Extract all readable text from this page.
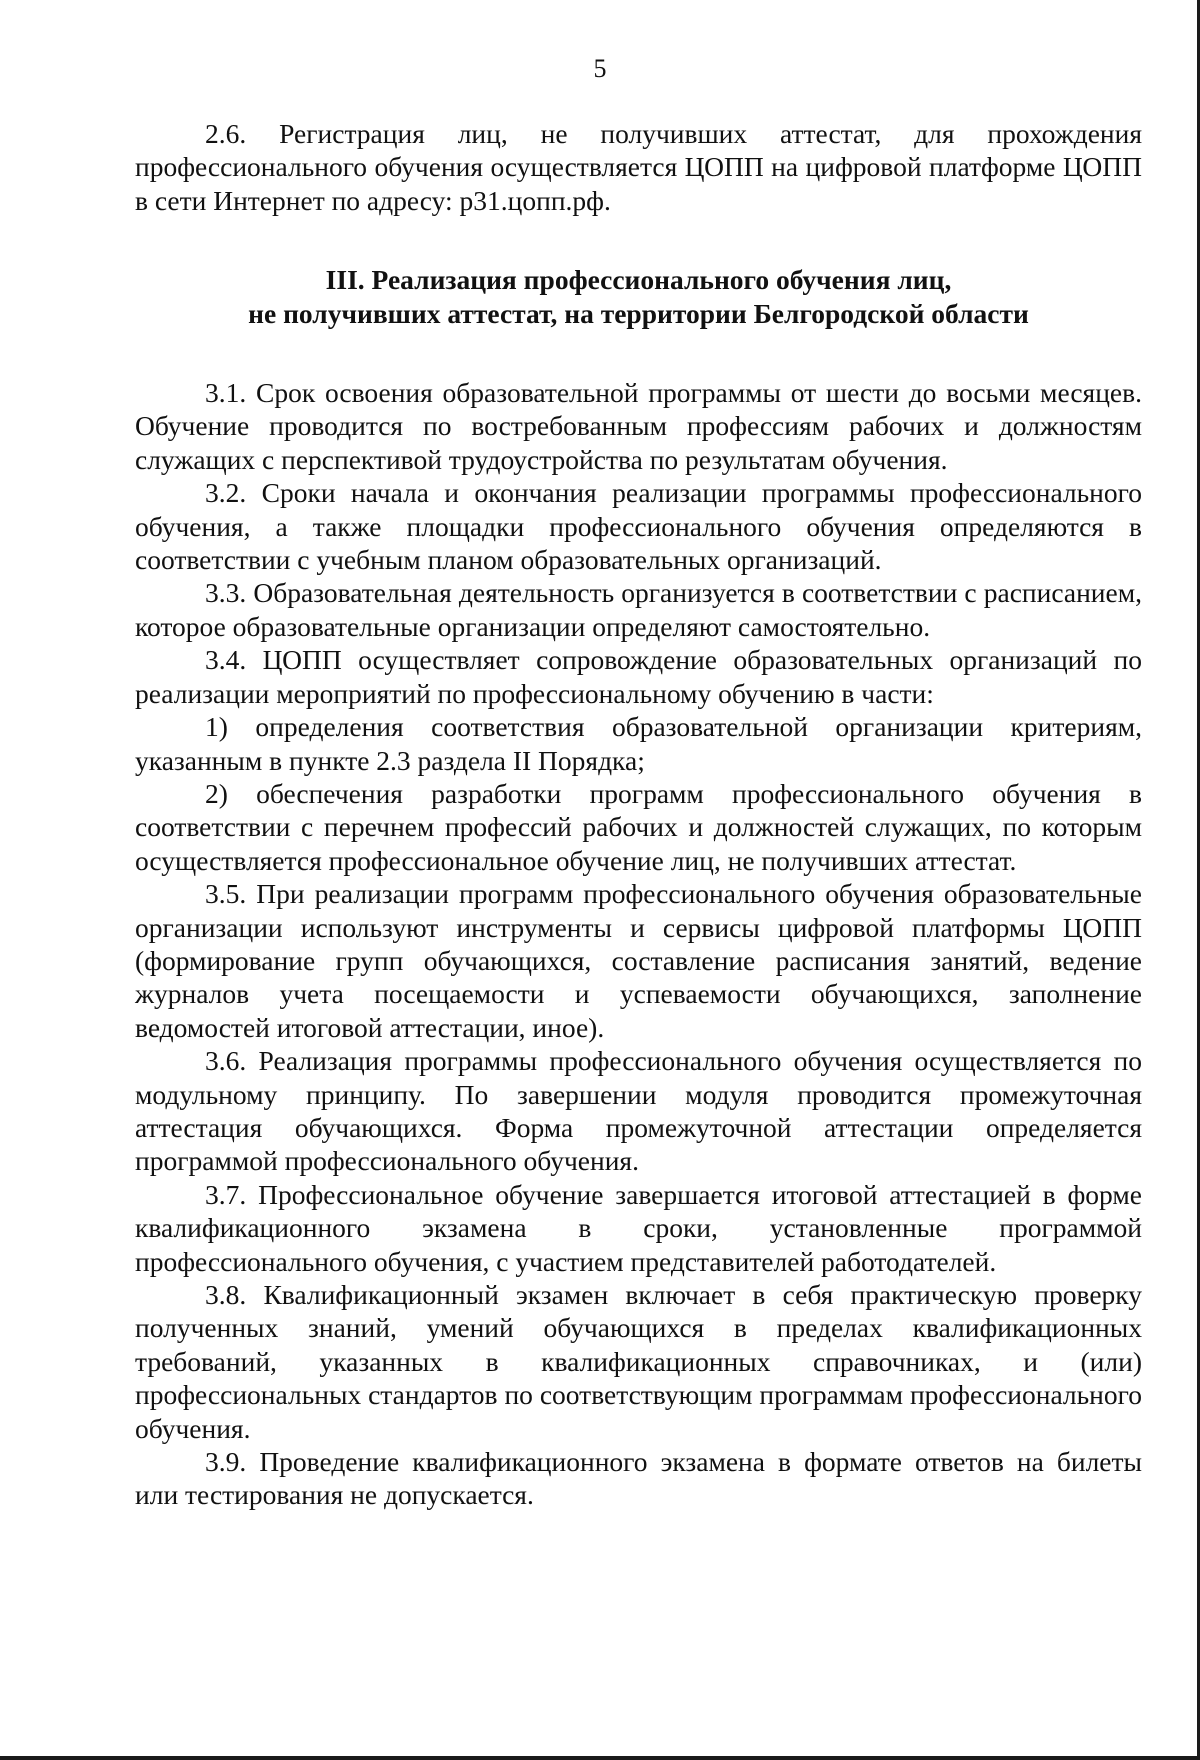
5

2.6. Регистрация лиц, не получивших аттестат, для прохождения профессионального обучения осуществляется ЦОПП на цифровой платформе ЦОПП в сети Интернет по адресу: р31.цопп.рф.

III. Реализация профессионального обучения лиц,
не получивших аттестат, на территории Белгородской области

3.1. Срок освоения образовательной программы от шести до восьми месяцев. Обучение проводится по востребованным профессиям рабочих и должностям служащих с перспективой трудоустройства по результатам обучения.

3.2. Сроки начала и окончания реализации программы профессионального обучения, а также площадки профессионального обучения определяются в соответствии с учебным планом образовательных организаций.

3.3. Образовательная деятельность организуется в соответствии с расписанием, которое образовательные организации определяют самостоятельно.

3.4. ЦОПП осуществляет сопровождение образовательных организаций по реализации мероприятий по профессиональному обучению в части:

1) определения соответствия образовательной организации критериям, указанным в пункте 2.3 раздела II Порядка;

2) обеспечения разработки программ профессионального обучения в соответствии с перечнем профессий рабочих и должностей служащих, по которым осуществляется профессиональное обучение лиц, не получивших аттестат.

3.5. При реализации программ профессионального обучения образовательные организации используют инструменты и сервисы цифровой платформы ЦОПП (формирование групп обучающихся, составление расписания занятий, ведение журналов учета посещаемости и успеваемости обучающихся, заполнение ведомостей итоговой аттестации, иное).

3.6. Реализация программы профессионального обучения осуществляется по модульному принципу. По завершении модуля проводится промежуточная аттестация обучающихся. Форма промежуточной аттестации определяется программой профессионального обучения.

3.7. Профессиональное обучение завершается итоговой аттестацией в форме квалификационного экзамена в сроки, установленные программой профессионального обучения, с участием представителей работодателей.

3.8. Квалификационный экзамен включает в себя практическую проверку полученных знаний, умений обучающихся в пределах квалификационных требований, указанных в квалификационных справочниках, и (или) профессиональных стандартов по соответствующим программам профессионального обучения.

3.9. Проведение квалификационного экзамена в формате ответов на билеты или тестирования не допускается.
